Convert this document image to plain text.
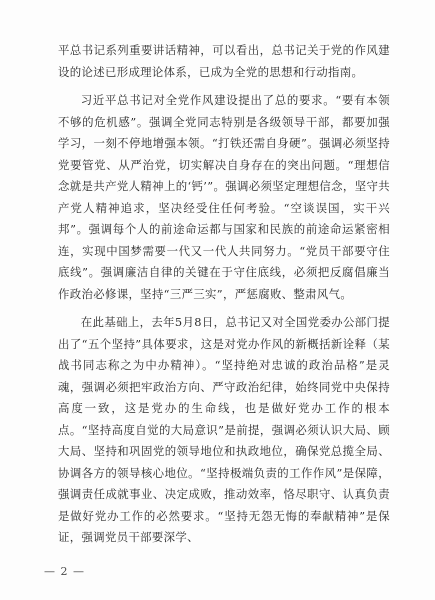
平总书记系列重要讲话精神，可以看出，总书记关于党的作风建设的论述已形成理论体系，已成为全党的思想和行动指南。

习近平总书记对全党作风建设提出了总的要求。“要有本领不够的危机感”。强调全党同志特别是各级领导干部，都要加强学习，一刻不停地增强本领。“打铁还需自身硬”。强调必须坚持党要管党、从严治党，切实解决自身存在的突出问题。“理想信念就是共产党人精神上的‘钙’”。强调必须坚定理想信念，坚守共产党人精神追求，坚决经受住任何考验。“空谈误国，实干兴邦”。强调每个人的前途命运都与国家和民族的前途命运紧密相连，实现中国梦需要一代又一代人共同努力。“党员干部要守住底线”。强调廉洁自律的关键在于守住底线，必须把反腐倡廉当作政治必修课，坚持“三严三实”，严惩腐败、整肃风气。

在此基础上，去年5月8日，总书记又对全国党委办公部门提出了“五个坚持”具体要求，这是对党办作风的新概括新诠释（某战书同志称之为中办精神）。“坚持绝对忠诚的政治品格”是灵魂，强调必须把牢政治方向、严守政治纪律，始终同党中央保持高度一致，这是党办的生命线，也是做好党办工作的根本点。“坚持高度自觉的大局意识”是前提，强调必须认识大局、顾大局、坚持和巩固党的领导地位和执政地位，确保党总揽全局、协调各方的领导核心地位。“坚持极端负责的工作作风”是保障，强调责任成就事业、决定成败，推动效率，恪尽职守、认真负责是做好党办工作的必然要求。“坚持无怨无悔的奉献精神”是保证，强调党员干部要深学、

— 2 —
